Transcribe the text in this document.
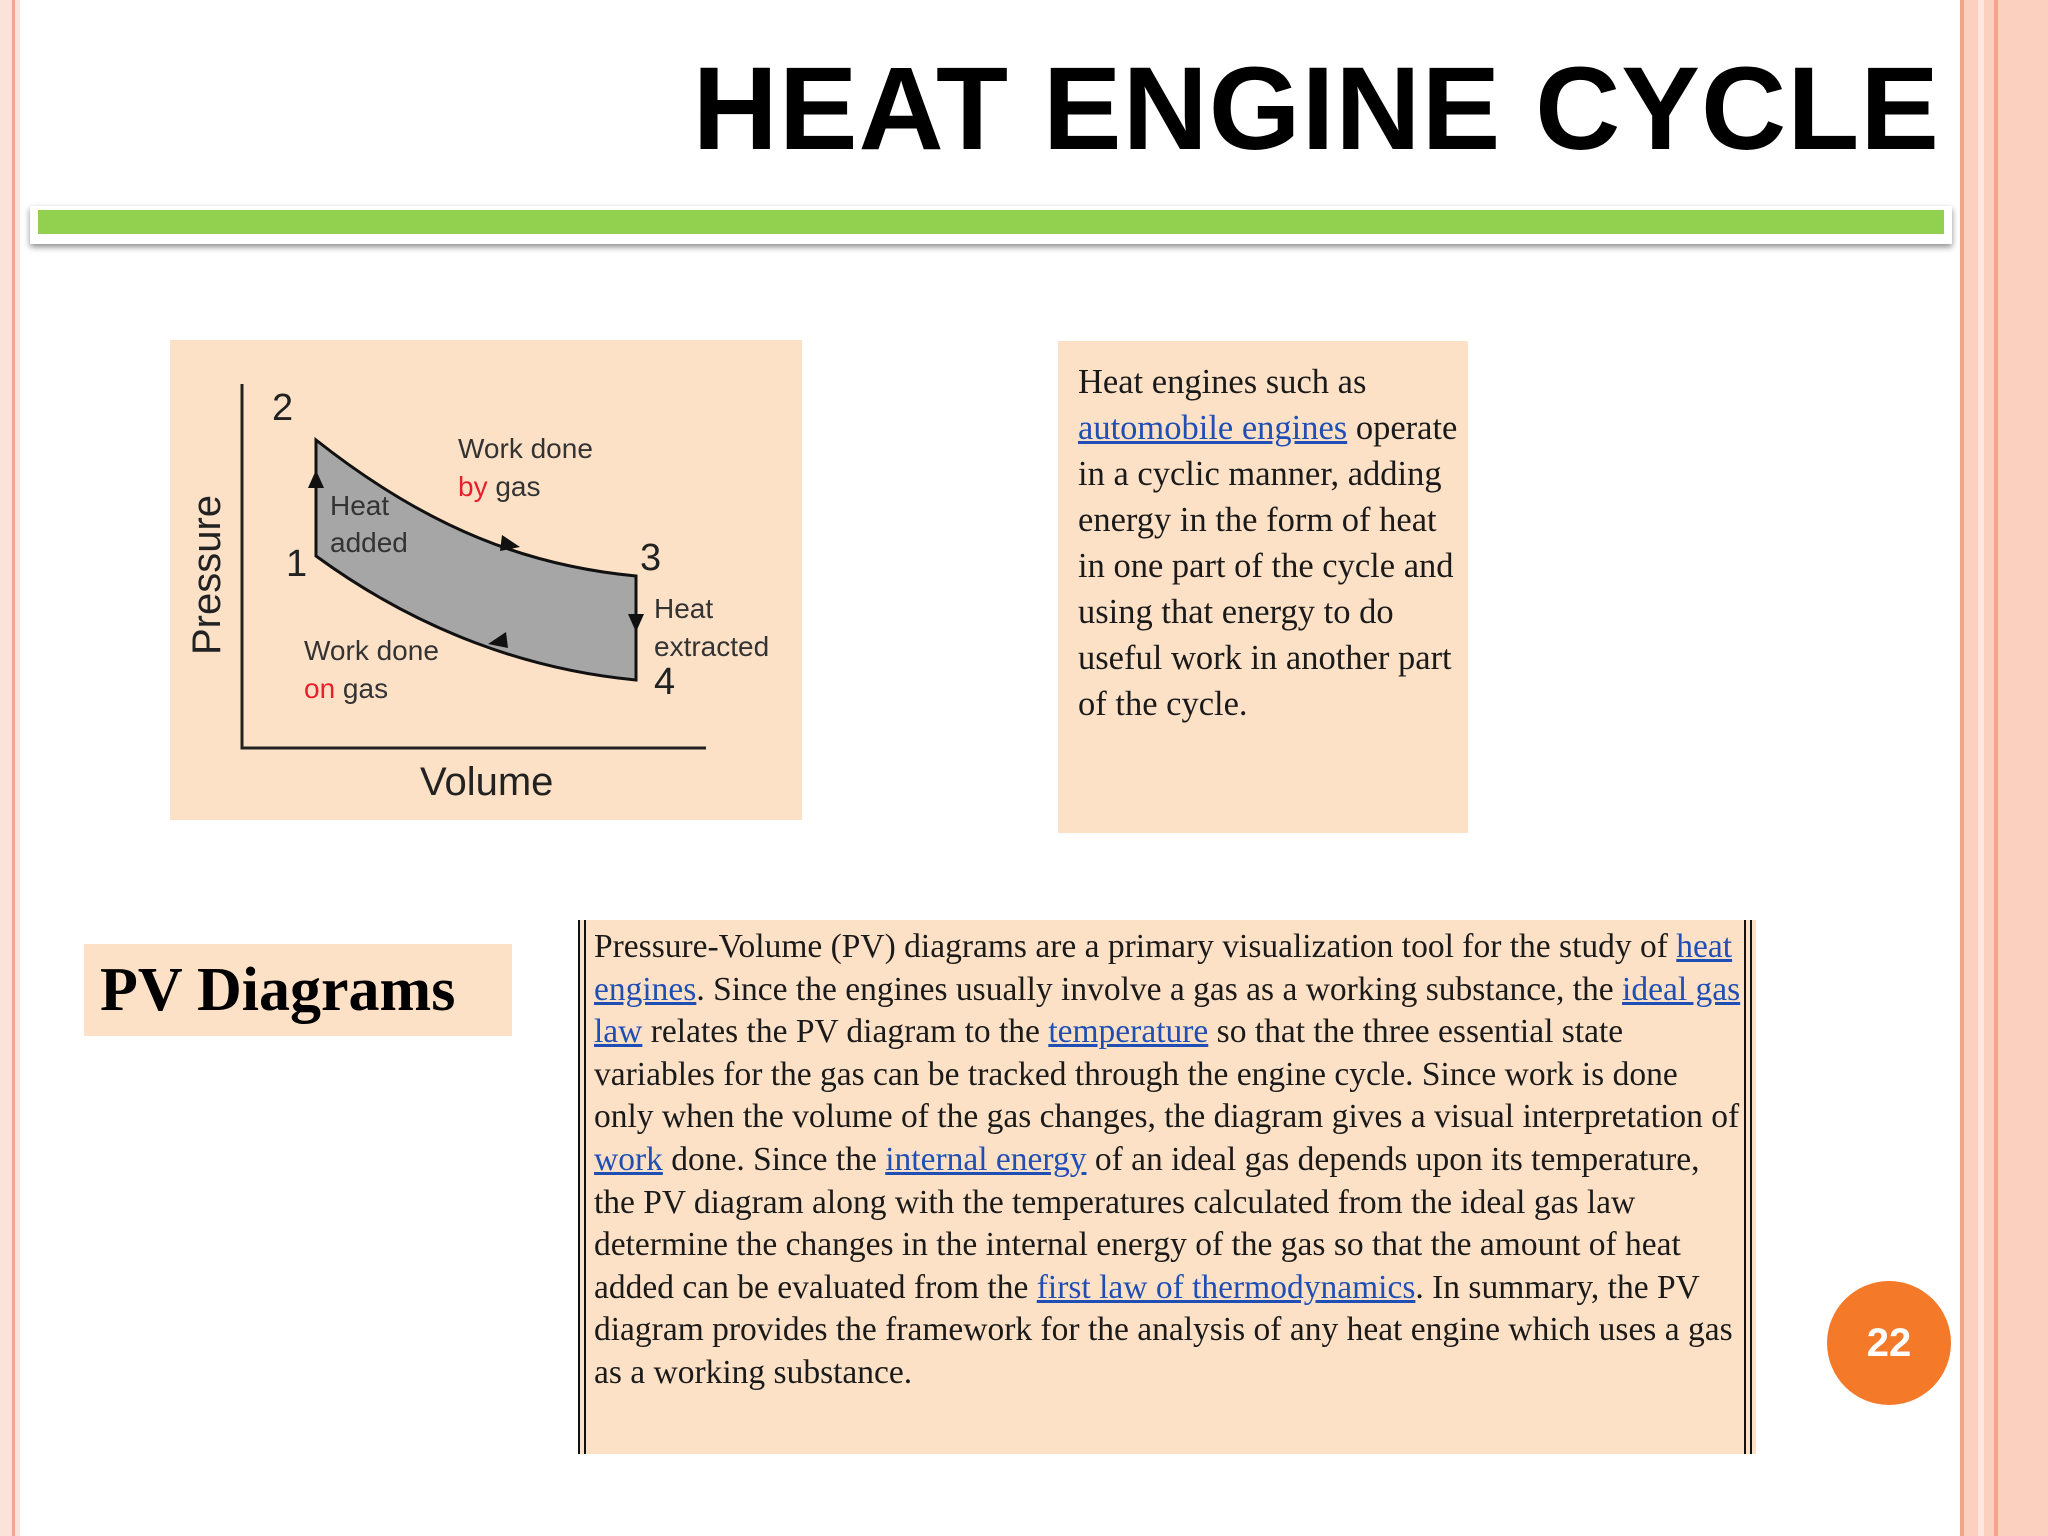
HEAT ENGINE CYCLE
Pressure
Volume
2
1	3
4
Heat
added
Work done
by gas
Heat
extracted
Work done
on gas
Heat engines such as automobile engines operate in a cyclic manner, adding energy in the form of heat in one part of the cycle and using that energy to do useful work in another part of the cycle.
PV Diagrams
Pressure-Volume (PV) diagrams are a primary visualization tool for the study of heat engines. Since the engines usually involve a gas as a working substance, the ideal gas law relates the PV diagram to the temperature so that the three essential state variables for the gas can be tracked through the engine cycle. Since work is done only when the volume of the gas changes, the diagram gives a visual interpretation of work done. Since the internal energy of an ideal gas depends upon its temperature, the PV diagram along with the temperatures calculated from the ideal gas law determine the changes in the internal energy of the gas so that the amount of heat added can be evaluated from the first law of thermodynamics. In summary, the PV diagram provides the framework for the analysis of any heat engine which uses a gas as a working substance.
22
